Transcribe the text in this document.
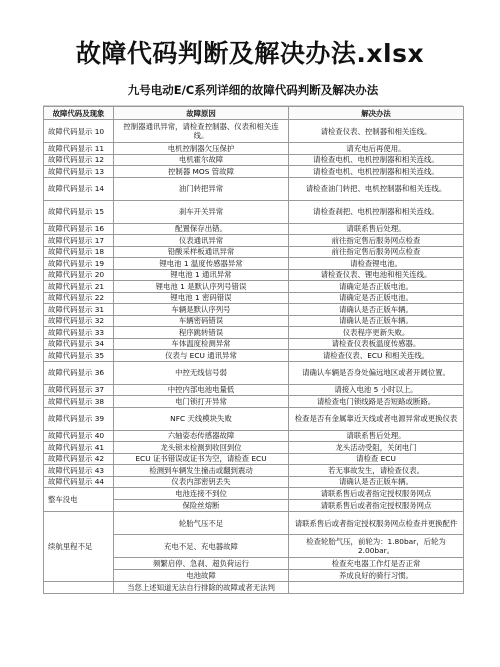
故障代码判断及解决办法.xlsx
九号电动E/C系列详细的故障代码判断及解决办法
故障代码及现象	故障原因	解决办法
故障代码显示 10	控制器通讯异常，请检查控制器、仪表和相关连线。	请检查仪表、控制器和相关连线。
故障代码显示 11	电机控制器欠压保护	请充电后再使用。
故障代码显示 12	电机霍尔故障	请检查电机、电机控制器和相关连线。
故障代码显示 13	控制器 MOS 管故障	请检查电机、电机控制器和相关连线。
故障代码显示 14	油门转把异常	请检查油门转把、电机控制器和相关连线。
故障代码显示 15	刹车开关异常	请检查刹把、电机控制器和相关连线。
故障代码显示 16	配置保存出错。	请联系售后处理。
故障代码显示 17	仪表通讯异常	前往指定售后服务网点检查
故障代码显示 18	铅酸采样板通讯异常	前往指定售后服务网点检查
故障代码显示 19	锂电池 1 温度传感器异常	请检查锂电池。
故障代码显示 20	锂电池 1 通讯异常	请检查仪表、锂电池和相关连线。
故障代码显示 21	锂电池 1 是默认序列号错误	请确定是否正版电池。
故障代码显示 22	锂电池 1 密码错误	请确定是否正版电池。
故障代码显示 31	车辆是默认序列号	请确认是否正版车辆。
故障代码显示 32	车辆密码错误	请确认是否正版车辆。
故障代码显示 33	程序跳转错误	仪表程序更新失败。
故障代码显示 34	车体温度检测异常	请检查仪表板温度传感器。
故障代码显示 35	仪表与 ECU 通讯异常	请检查仪表、ECU 和相关连线。
故障代码显示 36	中控无线信号弱	请确认车辆是否身处偏远地区或者开阔位置。
故障代码显示 37	中控内部电池电量低	请接入电池 5 小时以上。
故障代码显示 38	电门锁打开异常	请检查电门锁线路是否短路或断路。
故障代码显示 39	NFC 天线模块失败	检查是否有金属靠近天线或者电源异常或更换仪表
故障代码显示 40	六轴姿态传感器故障	请联系售后处理。
故障代码显示 41	龙头锁未检测到收回到位	龙头活动受阻，关闭电门
故障代码显示 42	ECU 证书错误或证书为空，请检查 ECU	请检查 ECU
故障代码显示 43	检测到车辆发生撞击或翻到震动	若无事故发生，请检查仪表。
故障代码显示 44	仪表内部密钥丢失	请确认是否正版车辆。
整车没电	电池连接不到位	请联系售后或者指定授权服务网点
	保险丝熔断	请联系售后或者指定授权服务网点
续航里程不足	轮胎气压不足	请联系售后或者指定授权服务网点检查并更换配件
	充电不足、充电器故障	检查轮胎气压，前轮为：1.80bar，后轮为 2.00bar。
	频繁启停、急刹、超负荷运行	检查充电器工作灯是否正常
	电池故障	养成良好的骑行习惯。
	当您上述知道无法自行排除的故障或者无法判	
